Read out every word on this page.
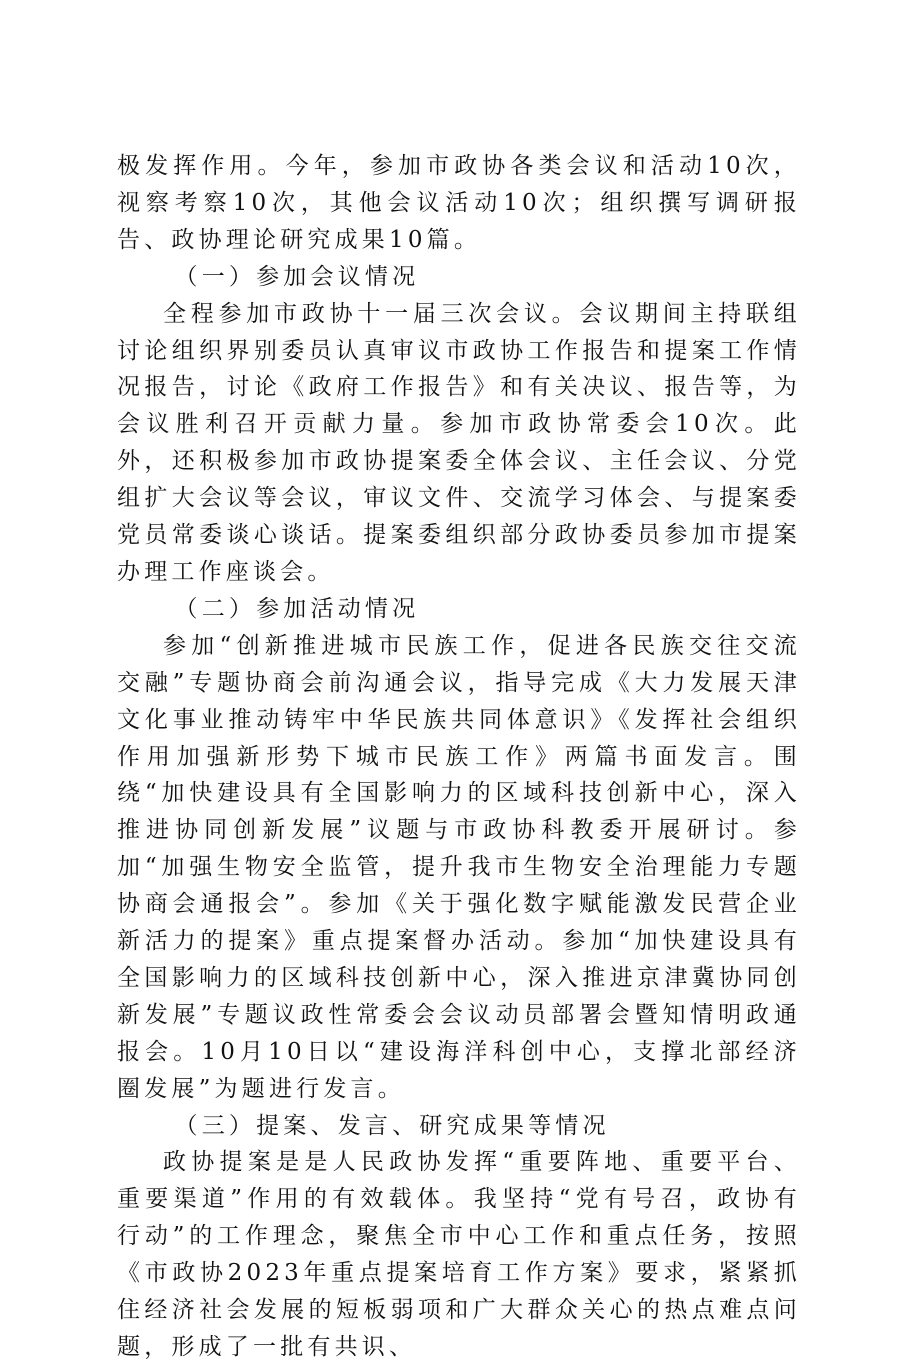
极发挥作用。今年，参加市政协各类会议和活动10次，视察考察10次，其他会议活动10次；组织撰写调研报告、政协理论研究成果10篇。

（一）参加会议情况

全程参加市政协十一届三次会议。会议期间主持联组讨论组织界别委员认真审议市政协工作报告和提案工作情况报告，讨论《政府工作报告》和有关决议、报告等，为会议胜利召开贡献力量。参加市政协常委会10次。此外，还积极参加市政协提案委全体会议、主任会议、分党组扩大会议等会议，审议文件、交流学习体会、与提案委党员常委谈心谈话。提案委组织部分政协委员参加市提案办理工作座谈会。

（二）参加活动情况

参加“创新推进城市民族工作，促进各民族交往交流交融”专题协商会前沟通会议，指导完成《大力发展天津文化事业推动铸牢中华民族共同体意识》《发挥社会组织作用加强新形势下城市民族工作》两篇书面发言。围绕“加快建设具有全国影响力的区域科技创新中心，深入推进协同创新发展”议题与市政协科教委开展研讨。参加“加强生物安全监管，提升我市生物安全治理能力专题协商会通报会”。参加《关于强化数字赋能激发民营企业新活力的提案》重点提案督办活动。参加“加快建设具有全国影响力的区域科技创新中心，深入推进京津冀协同创新发展”专题议政性常委会会议动员部署会暨知情明政通报会。10月10日以“建设海洋科创中心，支撑北部经济圈发展”为题进行发言。

（三）提案、发言、研究成果等情况

政协提案是是人民政协发挥“重要阵地、重要平台、重要渠道”作用的有效载体。我坚持“党有号召，政协有行动”的工作理念，聚焦全市中心工作和重点任务，按照《市政协2023年重点提案培育工作方案》要求，紧紧抓住经济社会发展的短板弱项和广大群众关心的热点难点问题，形成了一批有共识、
